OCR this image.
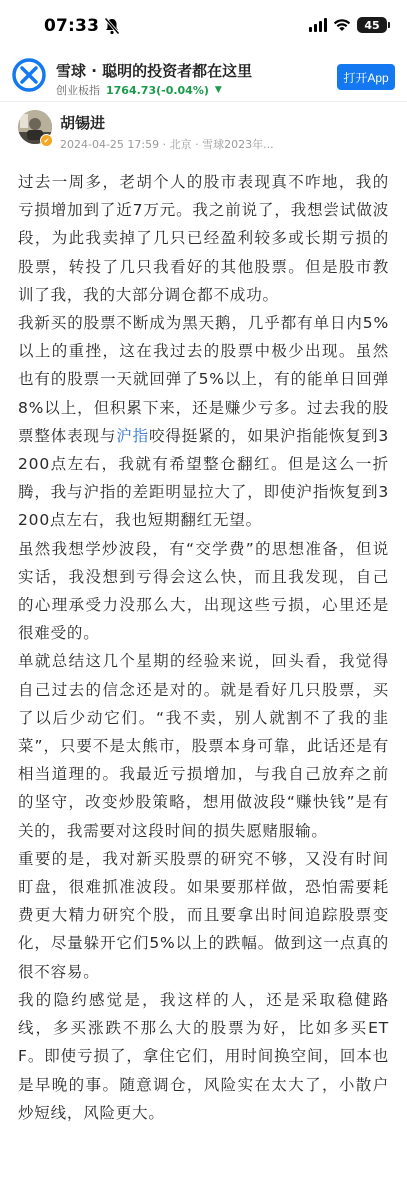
07:33	45
雪球 · 聪明的投资者都在这里
创业板指 1764.73(-0.04%) ▼
打开App
✔
胡锡进
2024-04-25 17:59 · 北京 · 雪球2023年...

过去一周多，老胡个人的股市表现真不咋地，我的亏损增加到了近7万元。我之前说了，我想尝试做波段，为此我卖掉了几只已经盈利较多或长期亏损的股票，转投了几只我看好的其他股票。但是股市教训了我，我的大部分调仓都不成功。

我新买的股票不断成为黑天鹅，几乎都有单日内5%以上的重挫，这在我过去的股票中极少出现。虽然也有的股票一天就回弹了5%以上，有的能单日回弹8%以上，但积累下来，还是赚少亏多。过去我的股票整体表现与沪指咬得挺紧的，如果沪指能恢复到3200点左右，我就有希望整仓翻红。但是这么一折腾，我与沪指的差距明显拉大了，即使沪指恢复到3200点左右，我也短期翻红无望。

虽然我想学炒波段，有“交学费”的思想准备，但说实话，我没想到亏得会这么快，而且我发现，自己的心理承受力没那么大，出现这些亏损，心里还是很难受的。

单就总结这几个星期的经验来说，回头看，我觉得自己过去的信念还是对的。就是看好几只股票，买了以后少动它们。“我不卖，别人就割不了我的韭菜”，只要不是太熊市，股票本身可靠，此话还是有相当道理的。我最近亏损增加，与我自己放弃之前的坚守，改变炒股策略，想用做波段“赚快钱”是有关的，我需要对这段时间的损失愿赌服输。

重要的是，我对新买股票的研究不够，又没有时间盯盘，很难抓准波段。如果要那样做，恐怕需要耗费更大精力研究个股，而且要拿出时间追踪股票变化，尽量躲开它们5%以上的跌幅。做到这一点真的很不容易。

我的隐约感觉是，我这样的人，还是采取稳健路线，多买涨跌不那么大的股票为好，比如多买ETF。即使亏损了，拿住它们，用时间换空间，回本也是早晚的事。随意调仓，风险实在太大了，小散户炒短线，风险更大。
